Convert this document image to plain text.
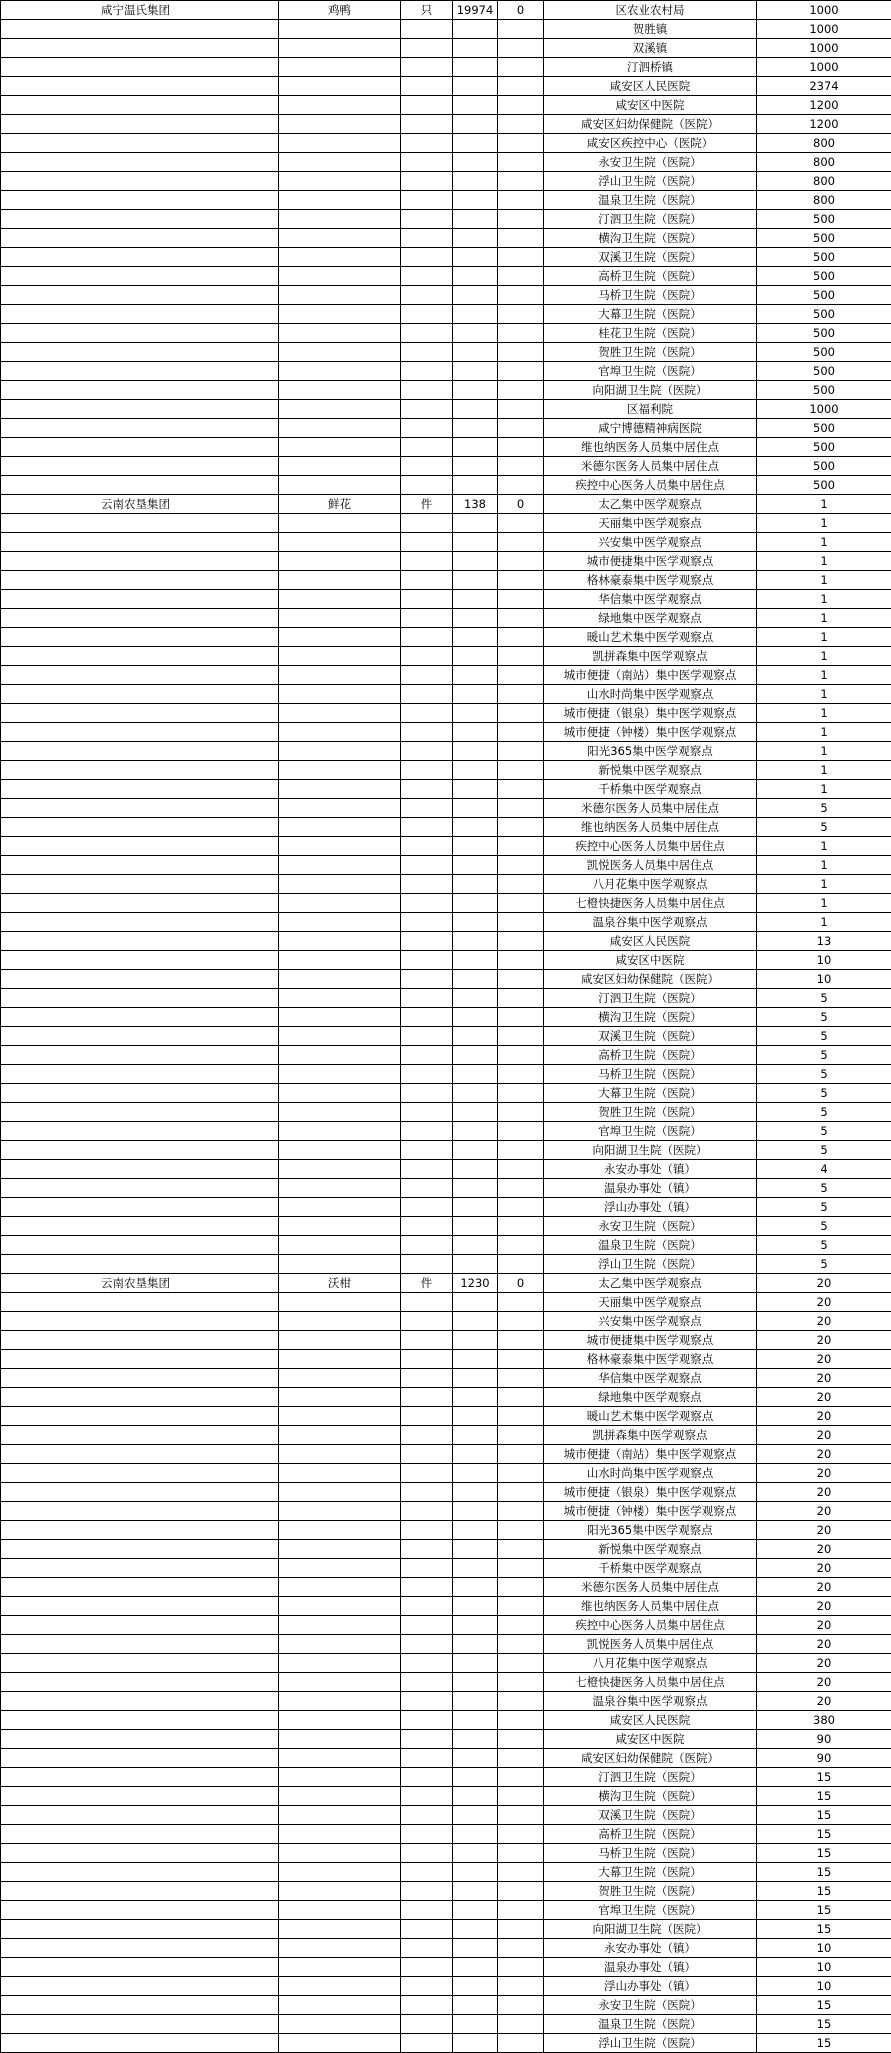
咸宁温氏集团	鸡鸭	只	19974	0	区农业农村局	1000
					贺胜镇	1000
					双溪镇	1000
					汀泗桥镇	1000
					咸安区人民医院	2374
					咸安区中医院	1200
					咸安区妇幼保健院（医院）	1200
					咸安区疾控中心（医院）	800
					永安卫生院（医院）	800
					浮山卫生院（医院）	800
					温泉卫生院（医院）	800
					汀泗卫生院（医院）	500
					横沟卫生院（医院）	500
					双溪卫生院（医院）	500
					高桥卫生院（医院）	500
					马桥卫生院（医院）	500
					大幕卫生院（医院）	500
					桂花卫生院（医院）	500
					贺胜卫生院（医院）	500
					官埠卫生院（医院）	500
					向阳湖卫生院（医院）	500
					区福利院	1000
					咸宁博德精神病医院	500
					维也纳医务人员集中居住点	500
					米德尔医务人员集中居住点	500
					疾控中心医务人员集中居住点	500
云南农垦集团	鲜花	件	138	0	太乙集中医学观察点	1
					天丽集中医学观察点	1
					兴安集中医学观察点	1
					城市便捷集中医学观察点	1
					格林豪泰集中医学观察点	1
					华信集中医学观察点	1
					绿地集中医学观察点	1
					暖山艺术集中医学观察点	1
					凯拼森集中医学观察点	1
					城市便捷（南站）集中医学观察点	1
					山水时尚集中医学观察点	1
					城市便捷（银泉）集中医学观察点	1
					城市便捷（钟楼）集中医学观察点	1
					阳光365集中医学观察点	1
					新悦集中医学观察点	1
					千桥集中医学观察点	1
					米德尔医务人员集中居住点	5
					维也纳医务人员集中居住点	5
					疾控中心医务人员集中居住点	1
					凯悦医务人员集中居住点	1
					八月花集中医学观察点	1
					七橙快捷医务人员集中居住点	1
					温泉谷集中医学观察点	1
					咸安区人民医院	13
					咸安区中医院	10
					咸安区妇幼保健院（医院）	10
					汀泗卫生院（医院）	5
					横沟卫生院（医院）	5
					双溪卫生院（医院）	5
					高桥卫生院（医院）	5
					马桥卫生院（医院）	5
					大幕卫生院（医院）	5
					贺胜卫生院（医院）	5
					官埠卫生院（医院）	5
					向阳湖卫生院（医院）	5
					永安办事处（镇）	4
					温泉办事处（镇）	5
					浮山办事处（镇）	5
					永安卫生院（医院）	5
					温泉卫生院（医院）	5
					浮山卫生院（医院）	5
云南农垦集团	沃柑	件	1230	0	太乙集中医学观察点	20
					天丽集中医学观察点	20
					兴安集中医学观察点	20
					城市便捷集中医学观察点	20
					格林豪泰集中医学观察点	20
					华信集中医学观察点	20
					绿地集中医学观察点	20
					暖山艺术集中医学观察点	20
					凯拼森集中医学观察点	20
					城市便捷（南站）集中医学观察点	20
					山水时尚集中医学观察点	20
					城市便捷（银泉）集中医学观察点	20
					城市便捷（钟楼）集中医学观察点	20
					阳光365集中医学观察点	20
					新悦集中医学观察点	20
					千桥集中医学观察点	20
					米德尔医务人员集中居住点	20
					维也纳医务人员集中居住点	20
					疾控中心医务人员集中居住点	20
					凯悦医务人员集中居住点	20
					八月花集中医学观察点	20
					七橙快捷医务人员集中居住点	20
					温泉谷集中医学观察点	20
					咸安区人民医院	380
					咸安区中医院	90
					咸安区妇幼保健院（医院）	90
					汀泗卫生院（医院）	15
					横沟卫生院（医院）	15
					双溪卫生院（医院）	15
					高桥卫生院（医院）	15
					马桥卫生院（医院）	15
					大幕卫生院（医院）	15
					贺胜卫生院（医院）	15
					官埠卫生院（医院）	15
					向阳湖卫生院（医院）	15
					永安办事处（镇）	10
					温泉办事处（镇）	10
					浮山办事处（镇）	10
					永安卫生院（医院）	15
					温泉卫生院（医院）	15
					浮山卫生院（医院）	15
